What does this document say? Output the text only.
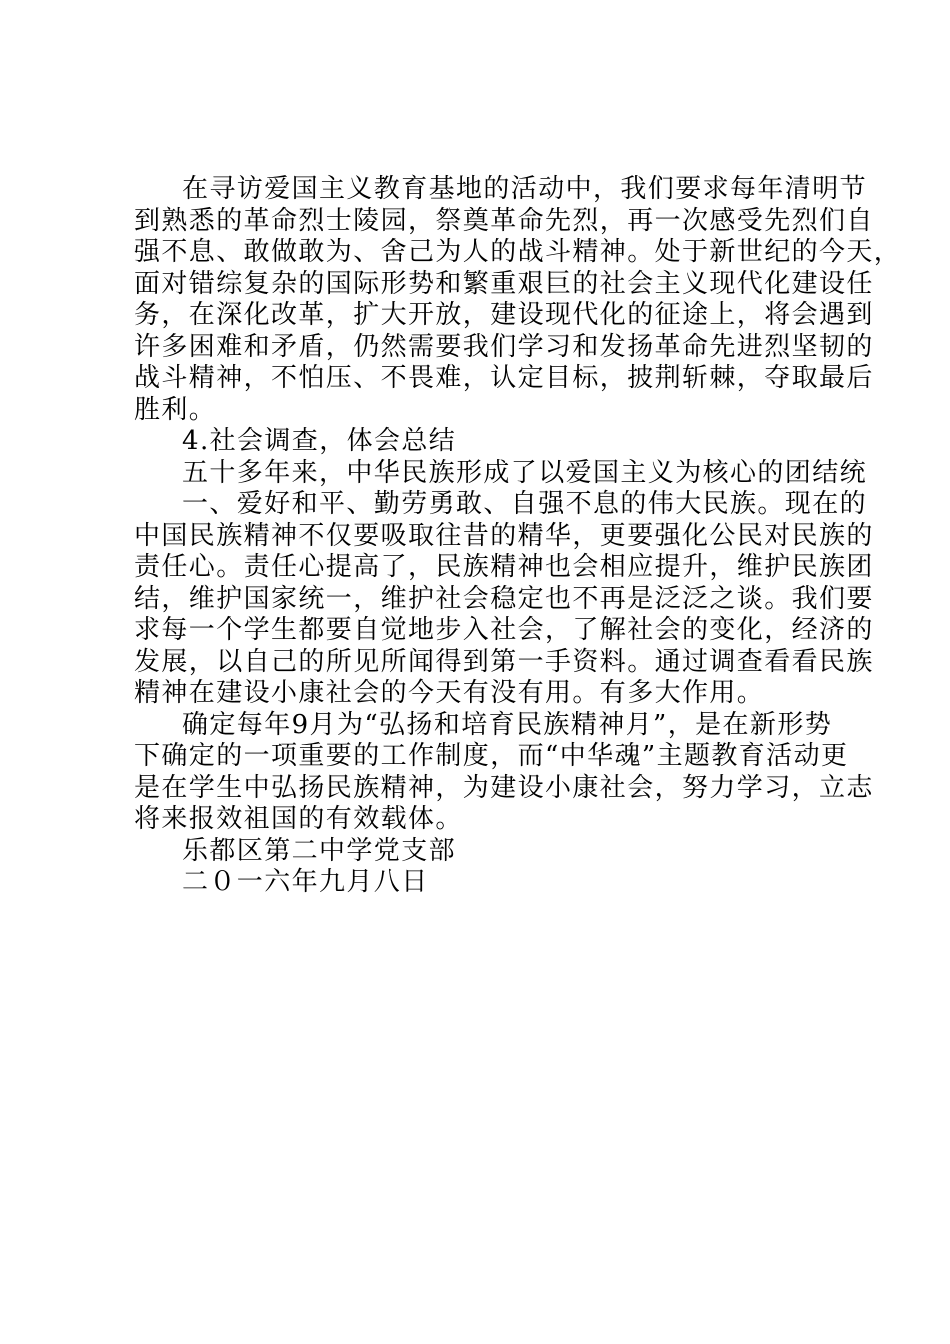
在寻访爱国主义教育基地的活动中，我们要求每年清明节
到熟悉的革命烈士陵园，祭奠革命先烈，再一次感受先烈们自
强不息、敢做敢为、舍己为人的战斗精神。处于新世纪的今天，
面对错综复杂的国际形势和繁重艰巨的社会主义现代化建设任
务，在深化改革，扩大开放，建设现代化的征途上，将会遇到
许多困难和矛盾，仍然需要我们学习和发扬革命先进烈坚韧的
战斗精神，不怕压、不畏难，认定目标，披荆斩棘，夺取最后
胜利。
4.社会调查，体会总结
五十多年来，中华民族形成了以爱国主义为核心的团结统
一、爱好和平、勤劳勇敢、自强不息的伟大民族。现在的
中国民族精神不仅要吸取往昔的精华，更要强化公民对民族的
责任心。责任心提高了，民族精神也会相应提升，维护民族团
结，维护国家统一，维护社会稳定也不再是泛泛之谈。我们要
求每一个学生都要自觉地步入社会，了解社会的变化，经济的
发展，以自己的所见所闻得到第一手资料。通过调查看看民族
精神在建设小康社会的今天有没有用。有多大作用。
确定每年9月为“弘扬和培育民族精神月”，是在新形势
下确定的一项重要的工作制度，而“中华魂”主题教育活动更
是在学生中弘扬民族精神，为建设小康社会，努力学习，立志
将来报效祖国的有效载体。
乐都区第二中学党支部
二０一六年九月八日
